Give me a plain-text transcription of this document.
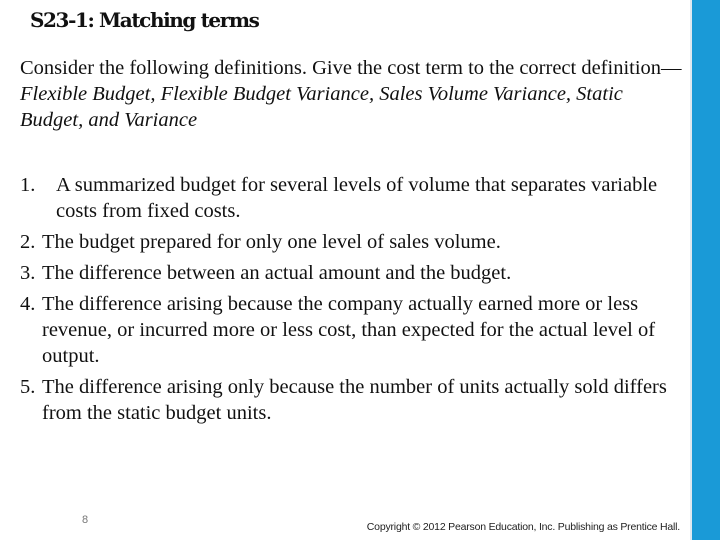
S23-1: Matching terms
Consider the following definitions. Give the cost term to the correct definition—Flexible Budget, Flexible Budget Variance, Sales Volume Variance, Static Budget, and Variance
1. A summarized budget for several levels of volume that separates variable costs from fixed costs.
2. The budget prepared for only one level of sales volume.
3. The difference between an actual amount and the budget.
4. The difference arising because the company actually earned more or less revenue, or incurred more or less cost, than expected for the actual level of output.
5. The difference arising only because the number of units actually sold differs from the static budget units.
8
Copyright © 2012 Pearson Education, Inc. Publishing as Prentice Hall.
